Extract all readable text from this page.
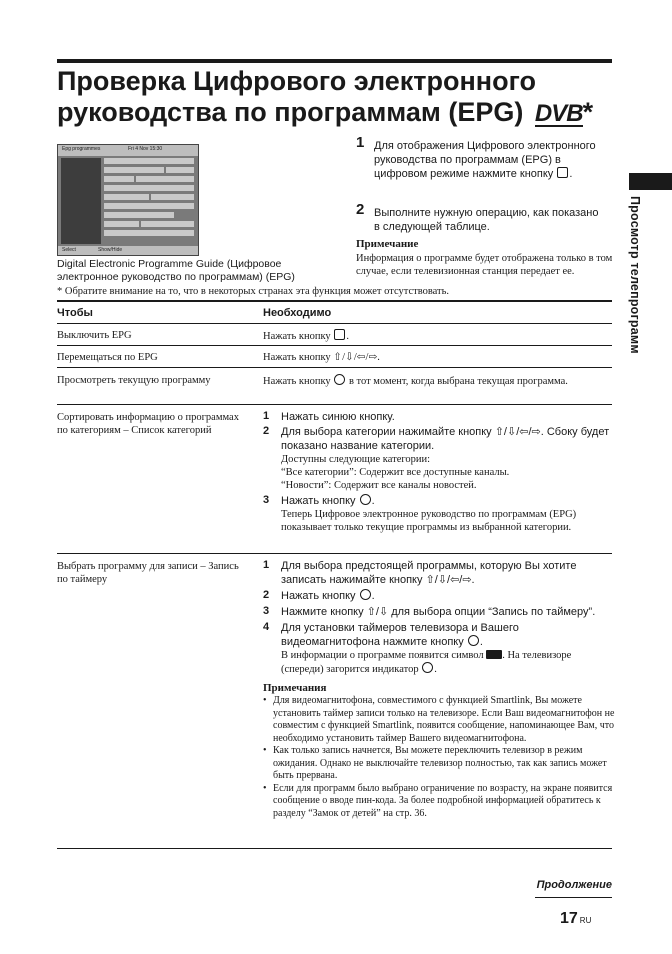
Проверка Цифрового электронного руководства по программам (EPG) DVB*
Просмотр телепрограмм
Epg programmes	Fri 4 Nov 15:30
Select	Show/Hide

Digital Electronic Programme Guide (Цифровое электронное руководство по программам) (EPG)

1 Для отображения Цифрового электронного руководства по программам (EPG) в цифровом режиме нажмите кнопку .

2 Выполните нужную операцию, как показано в следующей таблице.

Примечание

Информация о программе будет отображена только в том случае, если телевизионная станция передает ее.

* Обратите внимание на то, что в некоторых странах эта функция может отсутствовать.

Чтобы	Необходимо
Выключить EPG	Нажать кнопку .
Перемещаться по EPG	Нажать кнопку ⇧/⇩/⇦/⇨.
Просмотреть текущую программу	Нажать кнопку в тот момент, когда выбрана текущая программа.
Сортировать информацию о программах по категориям – Список категорий
1	Нажать синюю кнопку.
2	Для выбора категории нажимайте кнопку ⇧/⇩/⇦/⇨. Сбоку будет показано название категории.
Доступны следующие категории:
“Все категории”: Содержит все доступные каналы.
“Новости”: Содержит все каналы новостей.
3	Нажать кнопку .
Теперь Цифровое электронное руководство по программам (EPG) показывает только текущие программы из выбранной категории.
Выбрать программу для записи – Запись по таймеру
1	Для выбора предстоящей программы, которую Вы хотите записать нажимайте кнопку ⇧/⇩/⇦/⇨.
2	Нажать кнопку .
3	Нажмите кнопку ⇧/⇩ для выбора опции “Запись по таймеру”.
4	Для установки таймеров телевизора и Вашего видеомагнитофона нажмите кнопку .
В информации о программе появится символ . На телевизоре (спереди) загорится индикатор .

Примечания

• Для видеомагнитофона, совместимого с функцией Smartlink, Вы можете установить таймер записи только на телевизоре. Если Ваш видеомагнитофон не совместим с функцией Smartlink, появится сообщение, напоминающее Вам, что необходимо установить таймер Вашего видеомагнитофона.
• Как только запись начнется, Вы можете переключить телевизор в режим ожидания. Однако не выключайте телевизор полностью, так как запись может быть прервана.
• Если для программ было выбрано ограничение по возрасту, на экране появится сообщение о вводе пин-кода. За более подробной информацией обратитесь к разделу “Замок от детей” на стр. 36.
Продолжение
17 RU
